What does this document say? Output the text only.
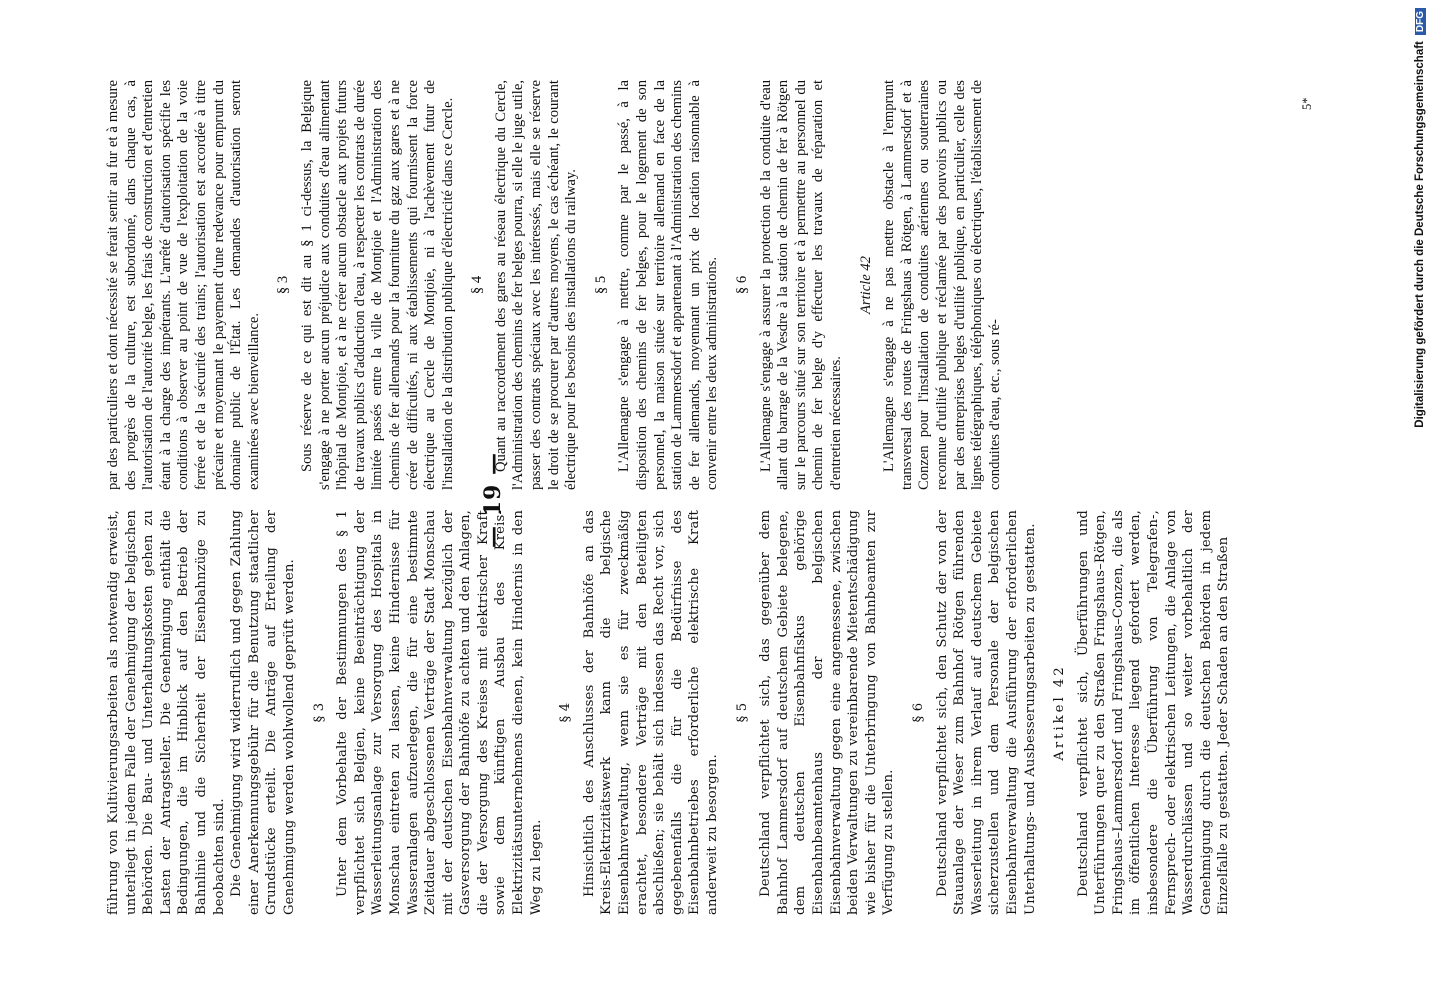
— 19 —

führung von Kultivierungsarbeiten als notwendig erweist, unterliegt in jedem Falle der Genehmigung der belgischen Behörden. Die Bau- und Unterhaltungskosten gehen zu Lasten der Antragsteller. Die Genehmigung enthält die Bedingungen, die im Hinblick auf den Betrieb der Bahnlinie und die Sicherheit der Eisenbahnzüge zu beobachten sind. Die Genehmigung wird widerruflich und gegen Zahlung einer Anerkennungsgebühr für die Benutzung staatlicher Grundstücke erteilt. Die Anträge auf Erteilung der Genehmigung werden wohlwollend geprüft werden. § 3 Unter dem Vorbehalte der Bestimmungen des § 1 verpflichtet sich Belgien, keine Beeinträchtigung der Wasserleitungsanlage zur Versorgung des Hospitals in Monschau eintreten zu lassen, keine Hindernisse für Wasseranlagen aufzuerlegen, die für eine bestimmte Zeitdauer abgeschlossenen Verträge der Stadt Monschau mit der deutschen Eisenbahnverwaltung bezüglich der Gasversorgung der Bahnhöfe zu achten und den Anlagen, die der Versorgung des Kreises mit elektrischer Kraft sowie dem künftigen Ausbau des Kreis-Elektrizitätsunternehmens dienen, kein Hindernis in den Weg zu legen.

§ 4 Hinsichtlich des Anschlusses der Bahnhöfe an das Kreis-Elektrizitätswerk kann die belgische Eisenbahnverwaltung, wenn sie es für zweckmäßig erachtet, besondere Verträge mit den Beteiligten abschließen; sie behält sich indessen das Recht vor, sich gegebenenfalls die für die Bedürfnisse des Eisenbahnbetriebes erforderliche elektrische Kraft anderweit zu besorgen.

§ 5 Deutschland verpflichtet sich, das gegenüber dem Bahnhof Lammersdorf auf deutschem Gebiete belegene, dem deutschen Eisenbahnfiskus gehörige Eisenbahnbeamtenhaus der belgischen Eisenbahnverwaltung gegen eine angemessene, zwischen beiden Verwaltungen zu vereinbarende Mietentschädigung wie bisher für die Unterbringung von Bahnbeamten zur Verfügung zu stellen.

§ 6 Deutschland verpflichtet sich, den Schutz der von der Stauanlage der Weser zum Bahnhof Rötgen führenden Wasserleitung in ihrem Verlauf auf deutschem Gebiete sicherzustellen und dem Personale der belgischen Eisenbahnverwaltung die Ausführung der erforderlichen Unterhaltungs- und Ausbesserungsarbeiten zu gestatten. Artikel 42 Deutschland verpflichtet sich, Überführungen und Unterführungen quer zu den Straßen Fringshaus–Rötgen, Fringshaus–Lammersdorf und Fringshaus–Conzen, die als im öffentlichen Interesse liegend gefordert werden, insbesondere die Überführung von Telegrafen-, Fernsprech- oder elektrischen Leitungen, die Anlage von Wasserdurchlässen und so weiter vorbehaltlich der Genehmigung durch die deutschen Behörden in jedem Einzelfalle zu gestatten. Jeder Schaden an den Straßen

par des particuliers et dont nécessité se ferait sentir au fur et à mesure des progrès de la culture, est subordonné, dans chaque cas, à l'autorisation de l'autorité belge, les frais de construction et d'entretien étant à la charge des impétrants. L'arrêté d'autorisation spécifie les conditions à observer au point de vue de l'exploitation de la voie ferrée et de la sécurité des trains; l'autorisation est accordée à titre précaire et moyennant le payement d'une redevance pour emprunt du domaine public de l'État. Les demandes d'autorisation seront examinées avec bienveillance.

§ 3 Sous réserve de ce qui est dit au § 1 ci-dessus, la Belgique s'engage à ne porter aucun préjudice aux conduites d'eau alimentant l'hôpital de Montjoie, et à ne créer aucun obstacle aux projets futurs de travaux publics d'adduction d'eau, à respecter les contrats de durée limitée passés entre la ville de Montjoie et l'Administration des chemins de fer allemands pour la fourniture du gaz aux gares et à ne créer de difficultés, ni aux établissements qui fournissent la force électrique au Cercle de Montjoie, ni à l'achèvement futur de l'installation de la distribution publique d'électricité dans ce Cercle. § 4 Quant au raccordement des gares au réseau électrique du Cercle, l'Administration des chemins de fer belges pourra, si elle le juge utile, passer des contrats spéciaux avec les intéressés, mais elle se réserve le droit de se procurer par d'autres moyens, le cas échéant, le courant électrique pour les besoins des installations du railway. § 5 L'Allemagne s'engage à mettre, comme par le passé, à la disposition des chemins de fer belges, pour le logement de son personnel, la maison située sur territoire allemand en face de la station de Lammersdorf et appartenant à l'Administration des chemins de fer allemands, moyennant un prix de location raisonnable à convenir entre les deux administrations. § 6 L'Allemagne s'engage à assurer la protection de la conduite d'eau allant du barrage de la Vesdre à la station de chemin de fer à Rötgen sur le parcours situé sur son territoire et à permettre au personnel du chemin de fer belge d'y effectuer les travaux de réparation et d'entretien nécessaires.

Article 42 L'Allemagne s'engage à ne pas mettre obstacle à l'emprunt transversal des routes de Fringshaus à Rötgen, à Lammersdorf et à Conzen pour l'installation de conduites aériennes ou souterraines reconnue d'utilité publique et réclamée par des pouvoirs publics ou par des entreprises belges d'utilité publique, en particulier, celle des lignes télégraphiques, téléphoniques ou électriques, l'établissement de conduites d'eau, etc., sous ré-

5*	Digitalisierung gefördert durch die Deutsche Forschungsgemeinschaft
DFG
